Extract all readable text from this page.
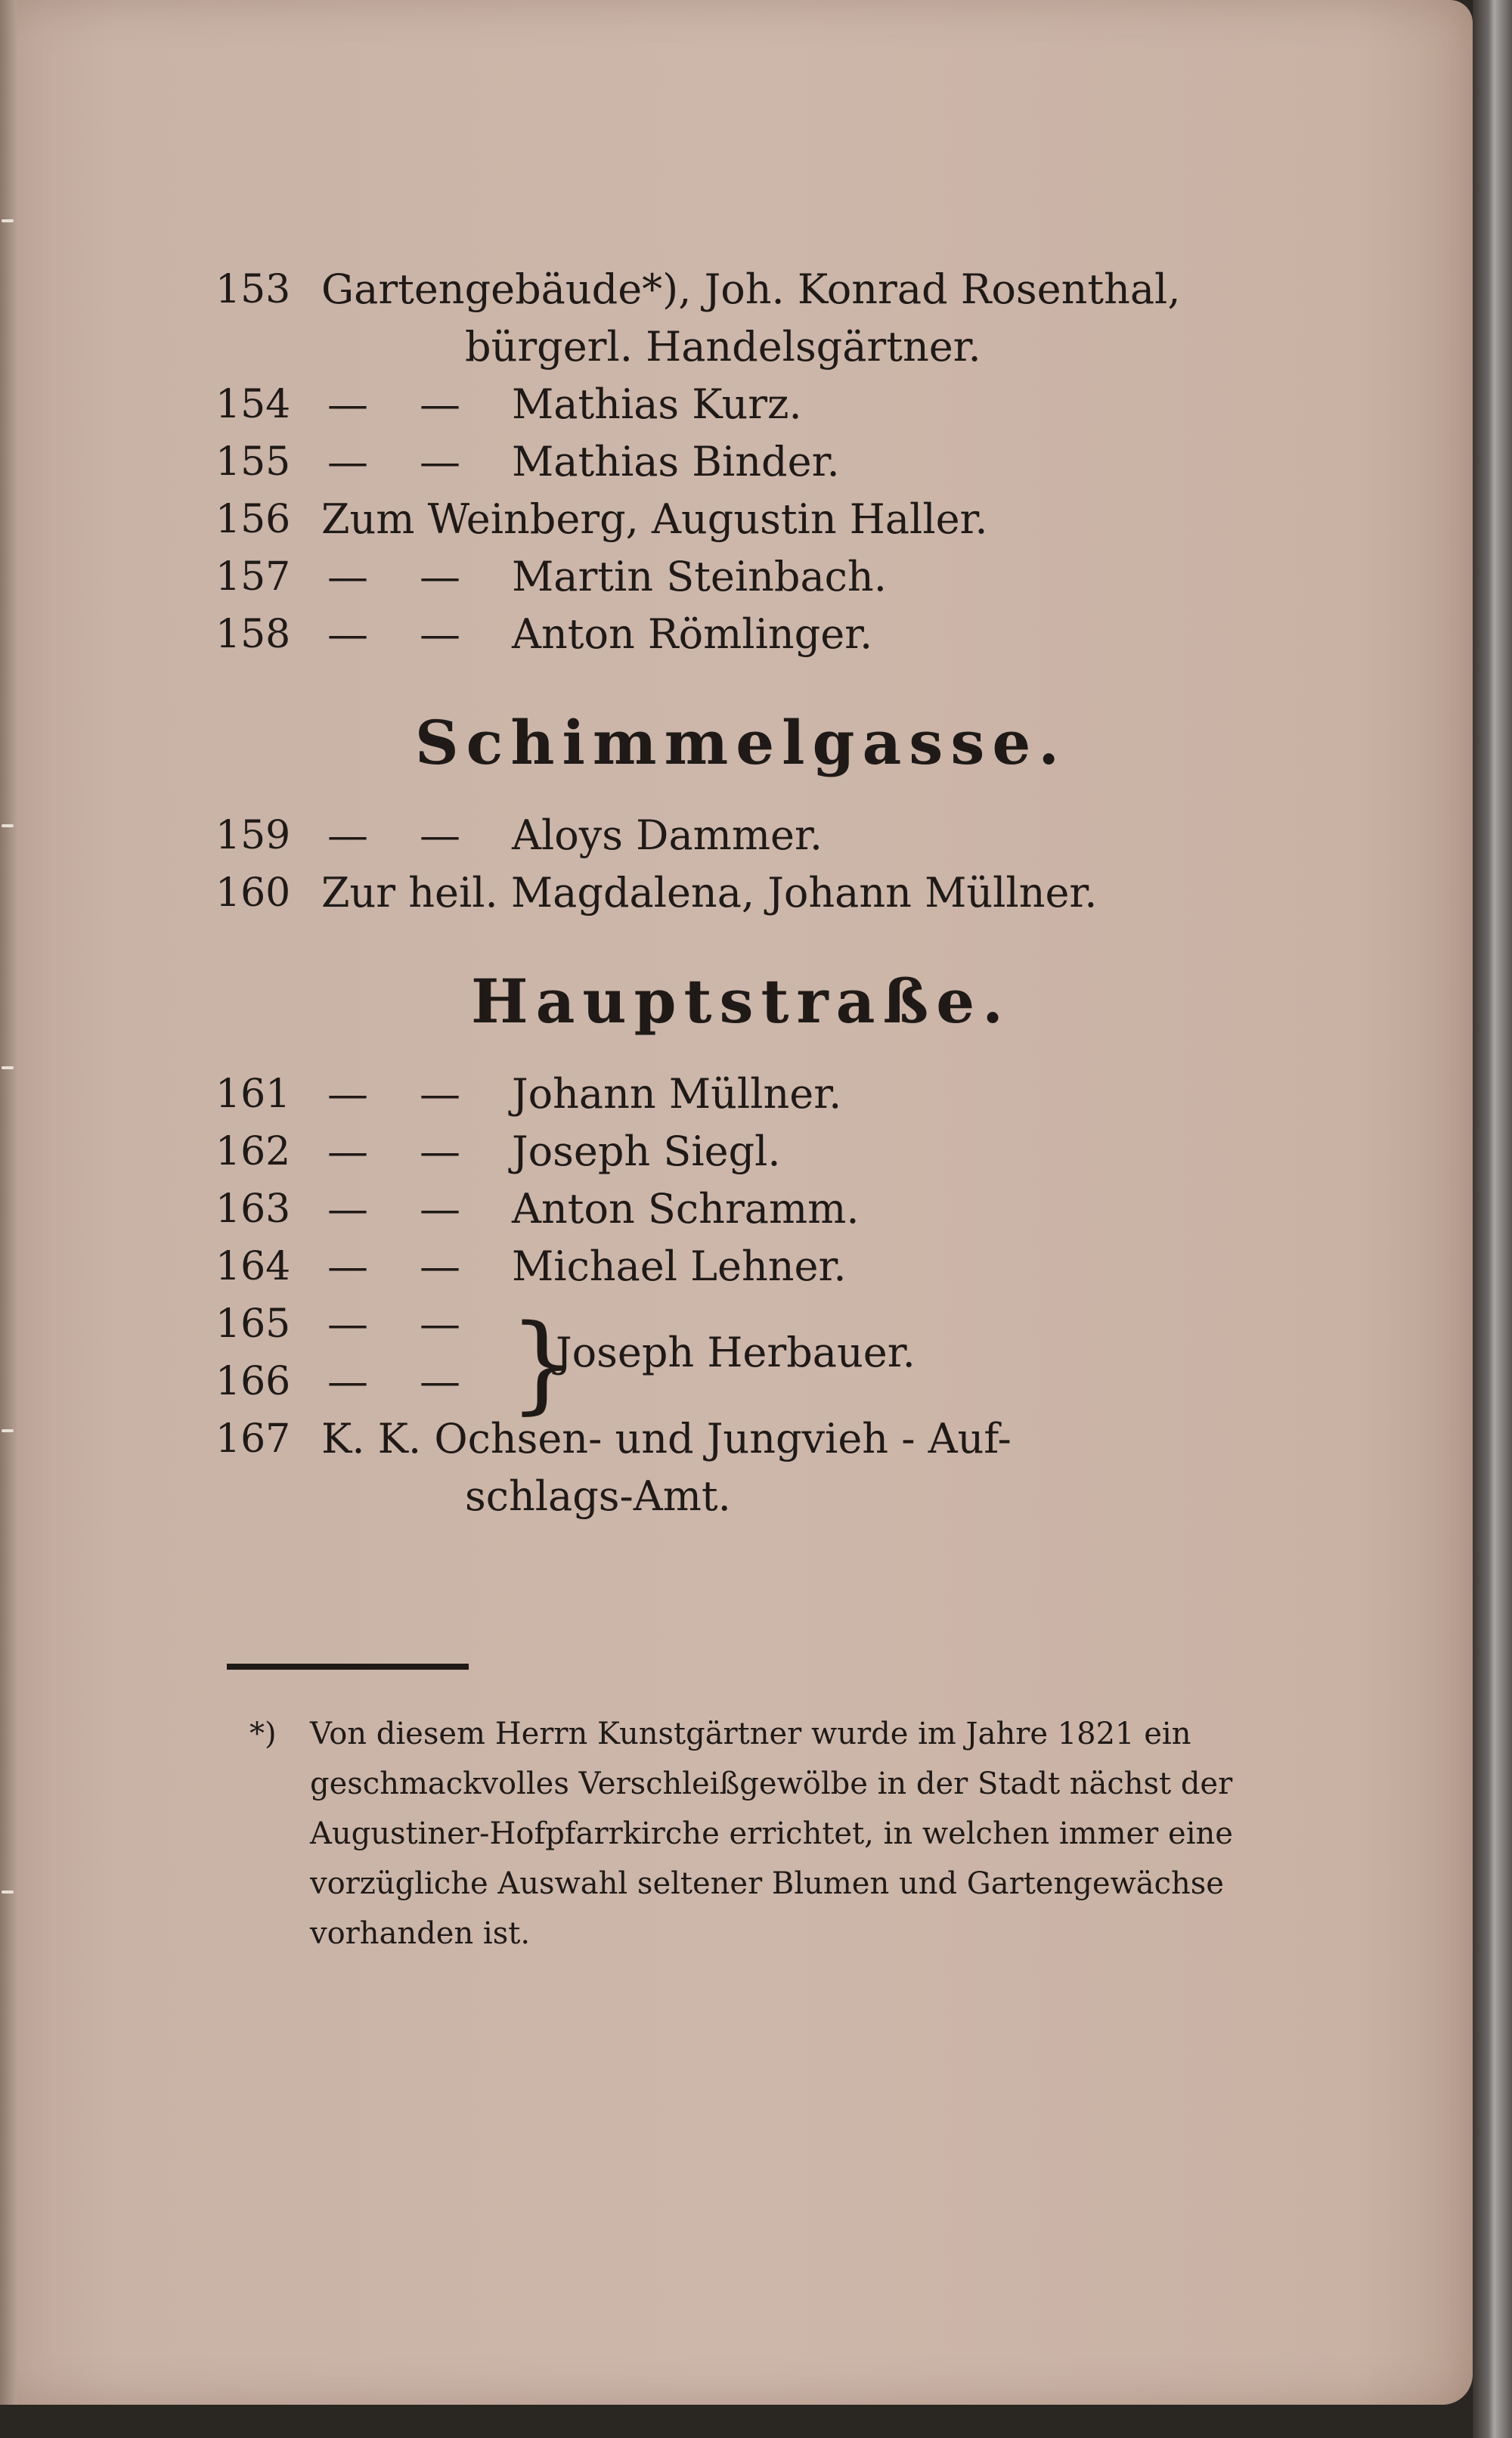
153 Gartengebäude*), Joh. Konrad Rosenthal,
bürgerl. Handelsgärtner.
154 — — Mathias Kurz.
155 — — Mathias Binder.
156 Zum Weinberg, Augustin Haller.
157 — — Martin Steinbach.
158 — — Anton Römlinger.
Schimmelgasse.
159 — — Aloys Dammer.
160 Zur heil. Magdalena, Johann Müllner.
Hauptstraße.
161 — — Johann Müllner.
162 — — Joseph Siegl.
163 — — Anton Schramm.
164 — — Michael Lehner.
165 — —
166 — — }
Joseph Herbauer.
167 K. K. Ochsen- und Jungvieh - Auf-
schlags-Amt.
*) Von diesem Herrn Kunstgärtner wurde im Jahre 1821 ein geschmackvolles Verschleißgewölbe in der Stadt nächst der Augustiner-Hofpfarrkirche errichtet, in welchen immer eine vorzügliche Auswahl seltener Blumen und Gartengewächse vorhanden ist.
